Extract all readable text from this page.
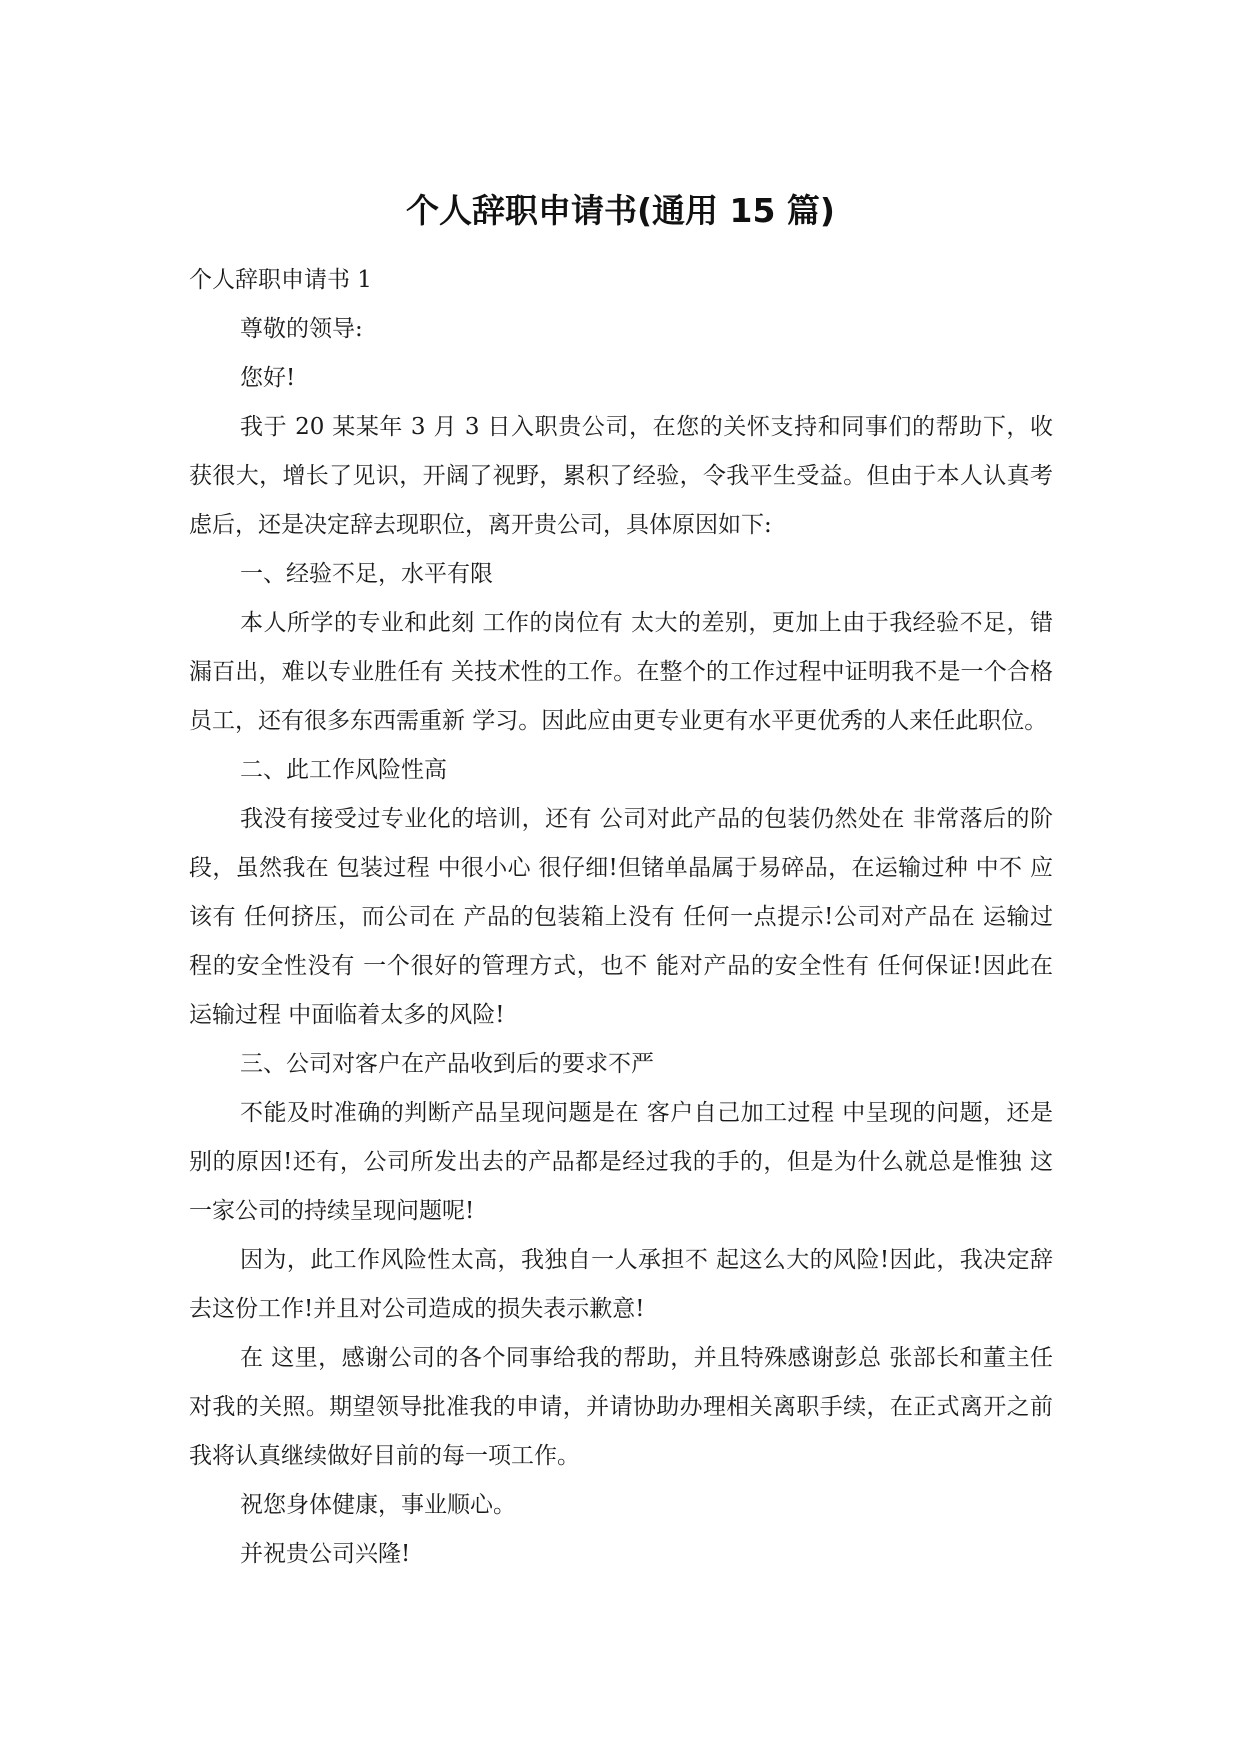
个人辞职申请书(通用 15 篇)

个人辞职申请书 1

尊敬的领导:

您好!

我于 20 某某年 3 月 3 日入职贵公司，在您的关怀支持和同事们的帮助下，收获很大，增长了见识，开阔了视野，累积了经验，令我平生受益。但由于本人认真考虑后，还是决定辞去现职位，离开贵公司，具体原因如下:

一、经验不足，水平有限

本人所学的专业和此刻 工作的岗位有 太大的差别，更加上由于我经验不足，错漏百出，难以专业胜任有 关技术性的工作。在整个的工作过程中证明我不是一个合格员工，还有很多东西需重新 学习。因此应由更专业更有水平更优秀的人来任此职位。

二、此工作风险性高

我没有接受过专业化的培训，还有 公司对此产品的包装仍然处在 非常落后的阶段，虽然我在 包装过程 中很小心 很仔细!但锗单晶属于易碎品，在运输过种 中不 应该有 任何挤压，而公司在 产品的包装箱上没有 任何一点提示!公司对产品在 运输过程的安全性没有 一个很好的管理方式，也不 能对产品的安全性有 任何保证!因此在 运输过程 中面临着太多的风险!

三、公司对客户在产品收到后的要求不严

不能及时准确的判断产品呈现问题是在 客户自己加工过程 中呈现的问题，还是别的原因!还有，公司所发出去的产品都是经过我的手的，但是为什么就总是惟独 这一家公司的持续呈现问题呢!

因为，此工作风险性太高，我独自一人承担不 起这么大的风险!因此，我决定辞去这份工作!并且对公司造成的损失表示歉意!

在 这里，感谢公司的各个同事给我的帮助，并且特殊感谢彭总 张部长和董主任对我的关照。期望领导批准我的申请，并请协助办理相关离职手续，在正式离开之前我将认真继续做好目前的每一项工作。

祝您身体健康，事业顺心。

并祝贵公司兴隆!
